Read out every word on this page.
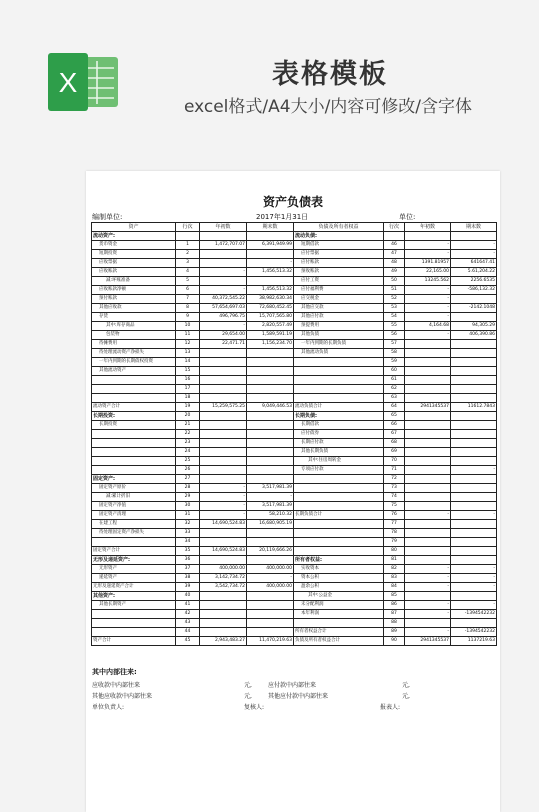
X	表格模板
excel格式/A4大小/内容可修改/含字体
资产负债表
编制单位:	2017年1月31日	单位:
资产	行次	年初数	期末数	负债及所有者权益	行次	年初数	期末数
流动资产:				流动负债:			
货币资金	1	1,472,707.07	6,391,949.99	短期借款	46	-	-
短期投资	2			应付票据	47	-	-
应收票据	3		-	应付账款	48	1391.81957	641647.41
应收账款	4	-	1,456,513.32	预收账款	49	22,165.00	5.61,204.22
减:坏账准备	5			应付工资	50	13245.562	2256.6535
应收账款净额	6	-	1,456,513.32	应付福利费	51	-	-586,132.32
预付账款	7	40,372,545.22	38,982,630.34	应交税金	52	-	
其他应收款	8	57,654,697.03	72,680,452.45	其他应交款	53	-	-2142.1048
存货	9	496,796.75	15,707,565.80	其他应付款	54	-	
其中:库存商品	10	-	2,820,557.49	预提费用	55	4,164.68	94,305.29
包装物	11	29,654.00	1,589,591.19	其他负债	56	-	406,390.86
待摊费用	12	22,471.71	1,156,234.70	一年内到期的长期负债	57		
待处理流动资产净损失	13			其他流动负债	58		
一年内到期的长期债权投资	14				59		
其他流动资产	15				60		
	16				61		
	17				62		
	18				63		
流动资产合计	19	15,259,575.25	9,049,446.53	流动负债合计	64	2941345537	11612.7843
长期投资:	20			长期负债:	65		
长期投资	21			长期借款	66		
	22			应付债券	67		
	23			长期应付款	68		
	24			其他长期负债	69		
	25			其中:住房周转金	70		
	26			专项应付款	71		-
固定资产:	27				72		
固定资产原价	28	-	3,517,981.39		73		
减:累计折旧	29	-	-		74		
固定资产净值	30	-	3,517,981.39		75		
固定资产清理	31	-	58,210.32	长期负债合计	76	-	-
在建工程	32	14,690,524.83	16,680,905.19		77		
待处理固定资产净损失	33				78		
	34				79		
固定资产合计	35	14,690,524.83	20,119,666.26		80		
无形及递延资产:	36			所有者权益:	81		
无形资产	37	400,000.00	400,000.00	实收资本	82	-	-
递延资产	38	3,142,734.72	-	资本公积	83	-	-
无形及递延资产合计	39	3,542,734.72	400,000.00	盈余公积	84	-	-
其他资产:	40			其中:公益金	85		
其他长期资产	41			未分配利润	86	-	-
	42			本年利润	87	-	-1394542232
	43				88		
	44			所有者权益合计	89	-	-1394542232
资产合计	45	2,943,483.27	11,470,219.63	负债及所有者权益合计	90	2941345537	1137219.63
其中内部往来:
应收款中内部往来	元,	应付款中内部往来	元,
其他应收款中内部往来	元,	其他应付款中内部往来	元,
单位负责人:	复核人:	报表人:
